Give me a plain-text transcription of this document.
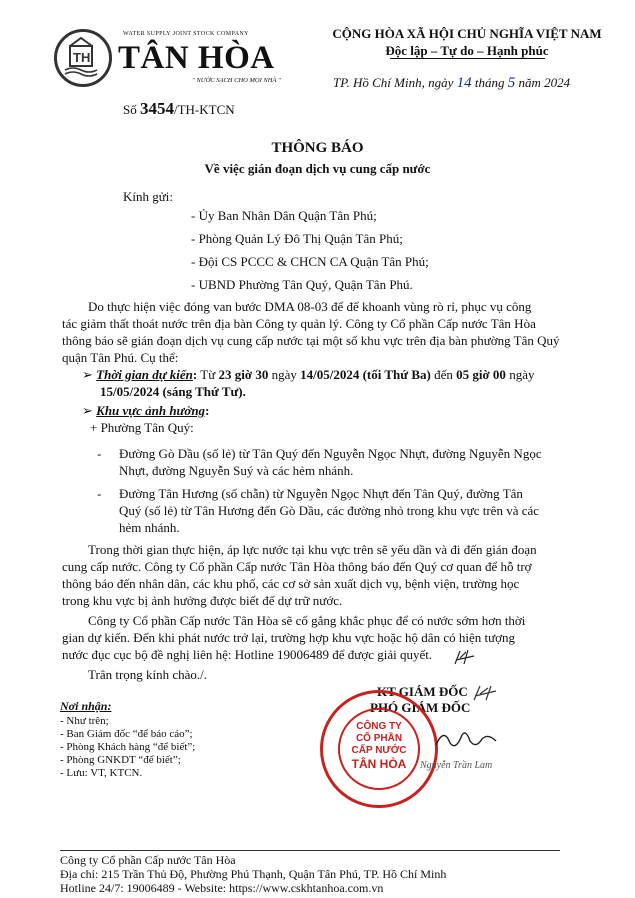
TH
WATER SUPPLY JOINT STOCK COMPANY
TÂN HÒA
" NƯỚC SẠCH CHO MỌI NHÀ "
Số 3454/TH-KTCN
CỘNG HÒA XÃ HỘI CHỦ NGHĨA VIỆT NAM
Độc lập – Tự do – Hạnh phúc
TP. Hồ Chí Minh, ngày 14 tháng 5 năm 2024
THÔNG BÁO
Về việc gián đoạn dịch vụ cung cấp nước
Kính gửi:
- Ủy Ban Nhân Dân Quận Tân Phú;
- Phòng Quản Lý Đô Thị Quận Tân Phú;
- Đội CS PCCC & CHCN CA Quận Tân Phú;
- UBND Phường Tân Quý, Quận Tân Phú.
Do thực hiện việc đóng van bước DMA 08-03 để để khoanh vùng rò rỉ, phục vụ công
tác giảm thất thoát nước trên địa bàn Công ty quản lý. Công ty Cổ phần Cấp nước Tân Hòa
thông báo sẽ gián đoạn dịch vụ cung cấp nước tại một số khu vực trên địa bàn phường Tân Quý
quận Tân Phú. Cụ thể:
➢ Thời gian dự kiến: Từ 23 giờ 30 ngày 14/05/2024 (tối Thứ Ba) đến 05 giờ 00 ngày
15/05/2024 (sáng Thứ Tư).
➢ Khu vực ảnh hưởng:
+ Phường Tân Quý:
- Đường Gò Dầu (số lẻ) từ Tân Quý đến Nguyễn Ngọc Nhựt, đường Nguyễn Ngọc
Nhựt, đường Nguyễn Suý và các hẻm nhánh.
- Đường Tân Hương (số chẵn) từ Nguyễn Ngọc Nhựt đến Tân Quý, đường Tân
Quý (số lẻ) từ Tân Hương đến Gò Dầu, các đường nhỏ trong khu vực trên và các
hẻm nhánh.
Trong thời gian thực hiện, áp lực nước tại khu vực trên sẽ yếu dần và đi đến gián đoạn
cung cấp nước. Công ty Cổ phần Cấp nước Tân Hòa thông báo đến Quý cơ quan để hỗ trợ
thông báo đến nhân dân, các khu phố, các cơ sở sản xuất dịch vụ, bệnh viện, trường học
trong khu vực bị ảnh hưởng được biết để dự trữ nước.
Công ty Cổ phần Cấp nước Tân Hòa sẽ cố gắng khắc phục để có nước sớm hơn thời
gian dự kiến. Đến khi phát nước trở lại, trường hợp khu vực hoặc hộ dân có hiện tượng
nước đục cục bộ đề nghị liên hệ: Hotline 19006489 để được giải quyết.
Trân trọng kính chào./.
Nơi nhận:
- Như trên;
- Ban Giám đốc “để báo cáo”;
- Phòng Khách hàng “để biết”;
- Phòng GNKDT “để biết”;
- Lưu: VT, KTCN.
KT GIÁM ĐỐC
PHÓ GIÁM ĐỐC
CÔNG TY
CỔ PHẦN
CẤP NƯỚC
TÂN HÒA	Nguyễn Trần Lam
Công ty Cổ phần Cấp nước Tân Hòa
Địa chỉ: 215 Trần Thủ Độ, Phường Phú Thạnh, Quận Tân Phú, TP. Hồ Chí Minh
Hotline 24/7: 19006489 - Website: https://www.cskhtanhoa.com.vn
